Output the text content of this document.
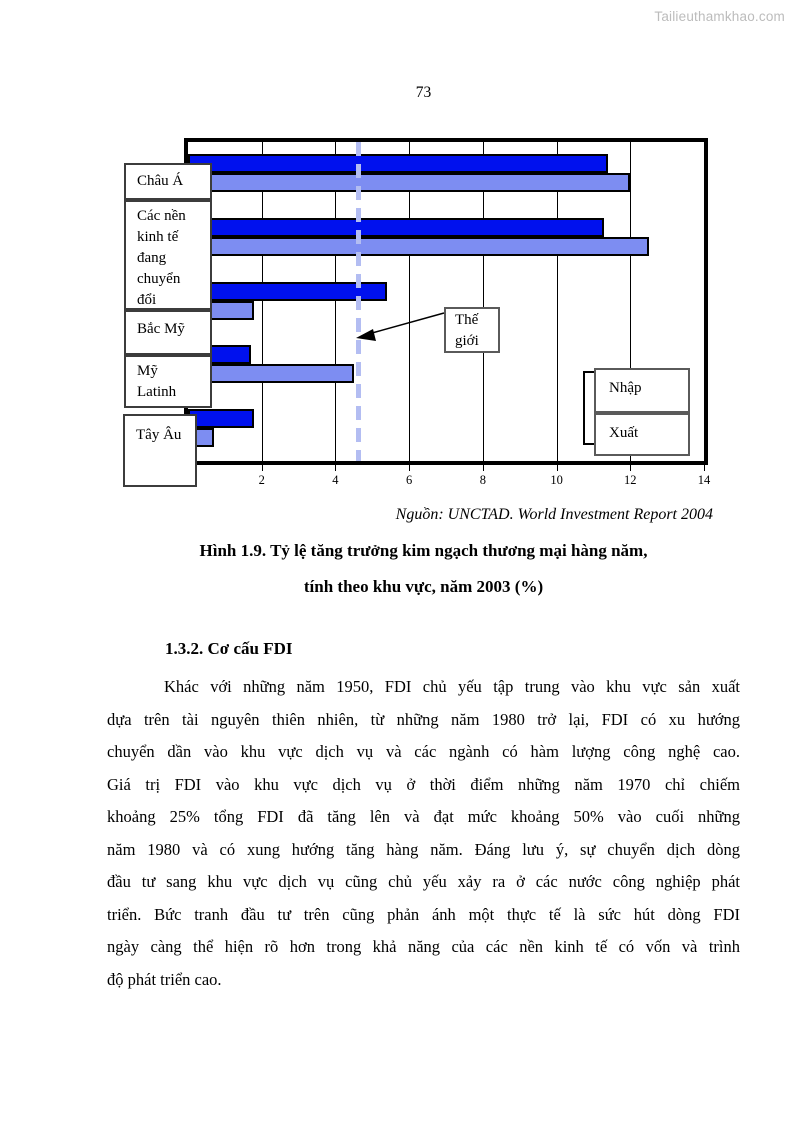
Tailieuthamkhao.com
73
Châu Á
Các nền
kinh tế
đang
chuyển
đổi
Bắc Mỹ
Mỹ
Latinh
Tây Âu
Thế
giới
Nhập
Xuất
2	4	6	8	10	12	14
Nguồn: UNCTAD. World Investment Report 2004
Hình 1.9. Tỷ lệ tăng trưởng kim ngạch thương mại hàng năm,
tính theo khu vực, năm 2003 (%)
1.3.2. Cơ cấu FDI
Khác với những năm 1950, FDI chủ yếu tập trung vào khu vực sản xuất
dựa trên tài nguyên thiên nhiên, từ những năm 1980 trở lại, FDI có xu hướng
chuyển dần vào khu vực dịch vụ và các ngành có hàm lượng công nghệ cao.
Giá trị FDI vào khu vực dịch vụ ở thời điểm những năm 1970 chỉ chiếm
khoảng 25% tổng FDI đã tăng lên và đạt mức khoảng 50% vào cuối những
năm 1980 và có xung hướng tăng hàng năm. Đáng lưu ý, sự chuyển dịch dòng
đầu tư sang khu vực dịch vụ cũng chủ yếu xảy ra ở các nước công nghiệp phát
triển. Bức tranh đầu tư trên cũng phản ánh một thực tế là sức hút dòng FDI
ngày càng thể hiện rõ hơn trong khả năng của các nền kinh tế có vốn và trình
độ phát triển cao.
